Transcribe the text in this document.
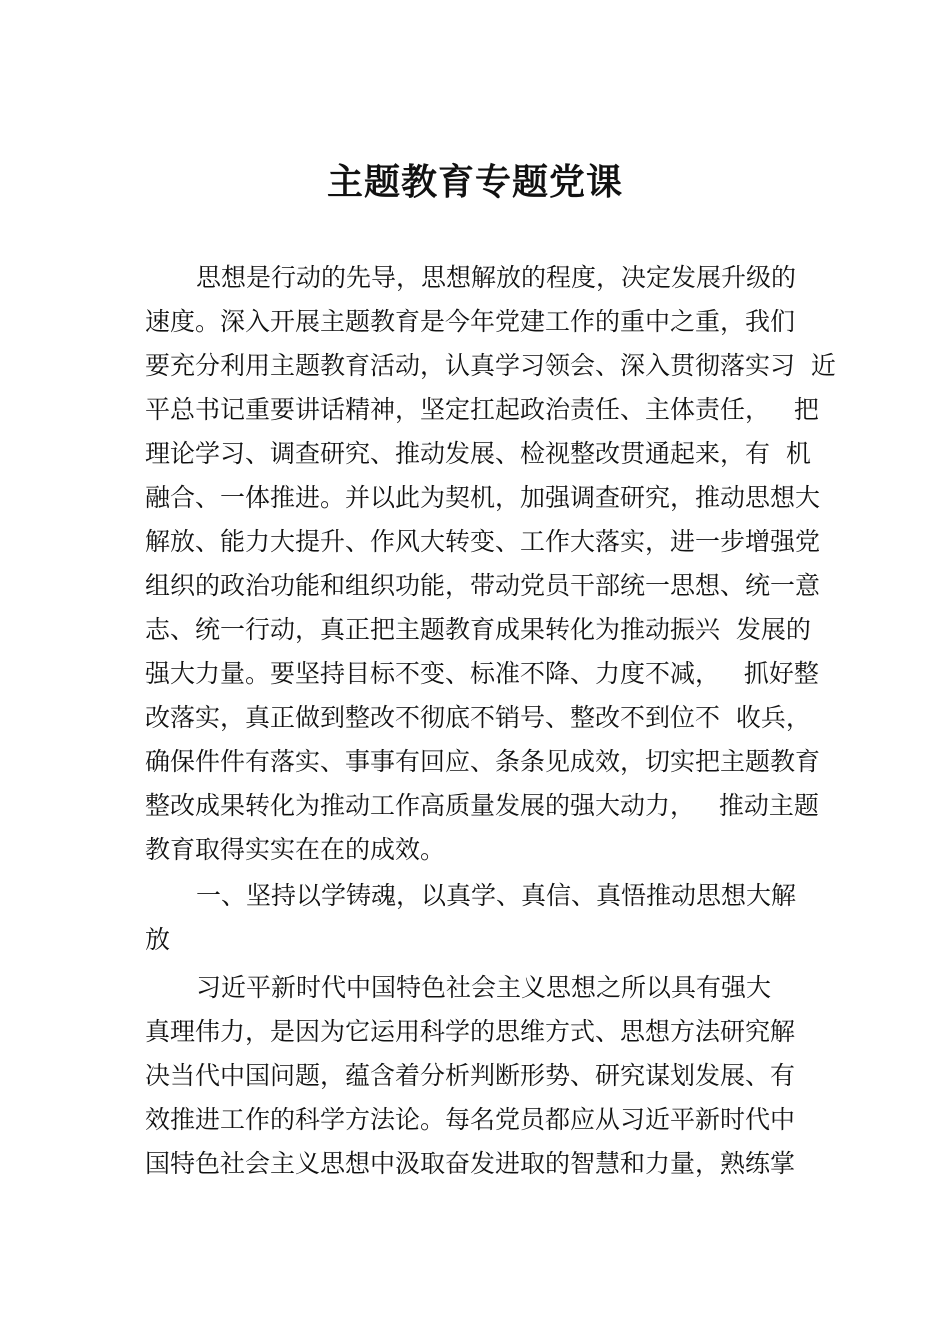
主题教育专题党课
思想是行动的先导，思想解放的程度，决定发展升级的
速度。深入开展主题教育是今年党建工作的重中之重，我们
要充分利用主题教育活动，认真学习领会、深入贯彻落实习  近
平总书记重要讲话精神，坚定扛起政治责任、主体责任，   把
理论学习、调查研究、推动发展、检视整改贯通起来，有  机
融合、一体推进。并以此为契机，加强调查研究，推动思想大
解放、能力大提升、作风大转变、工作大落实，进一步增强党
组织的政治功能和组织功能，带动党员干部统一思想、统一意
志、统一行动，真正把主题教育成果转化为推动振兴  发展的
强大力量。要坚持目标不变、标准不降、力度不减，   抓好整
改落实，真正做到整改不彻底不销号、整改不到位不  收兵，
确保件件有落实、事事有回应、条条见成效，切实把主题教育
整改成果转化为推动工作高质量发展的强大动力，   推动主题
教育取得实实在在的成效。
一、坚持以学铸魂，以真学、真信、真悟推动思想大解
放
习近平新时代中国特色社会主义思想之所以具有强大
真理伟力，是因为它运用科学的思维方式、思想方法研究解
决当代中国问题，蕴含着分析判断形势、研究谋划发展、有
效推进工作的科学方法论。每名党员都应从习近平新时代中
国特色社会主义思想中汲取奋发进取的智慧和力量，熟练掌
